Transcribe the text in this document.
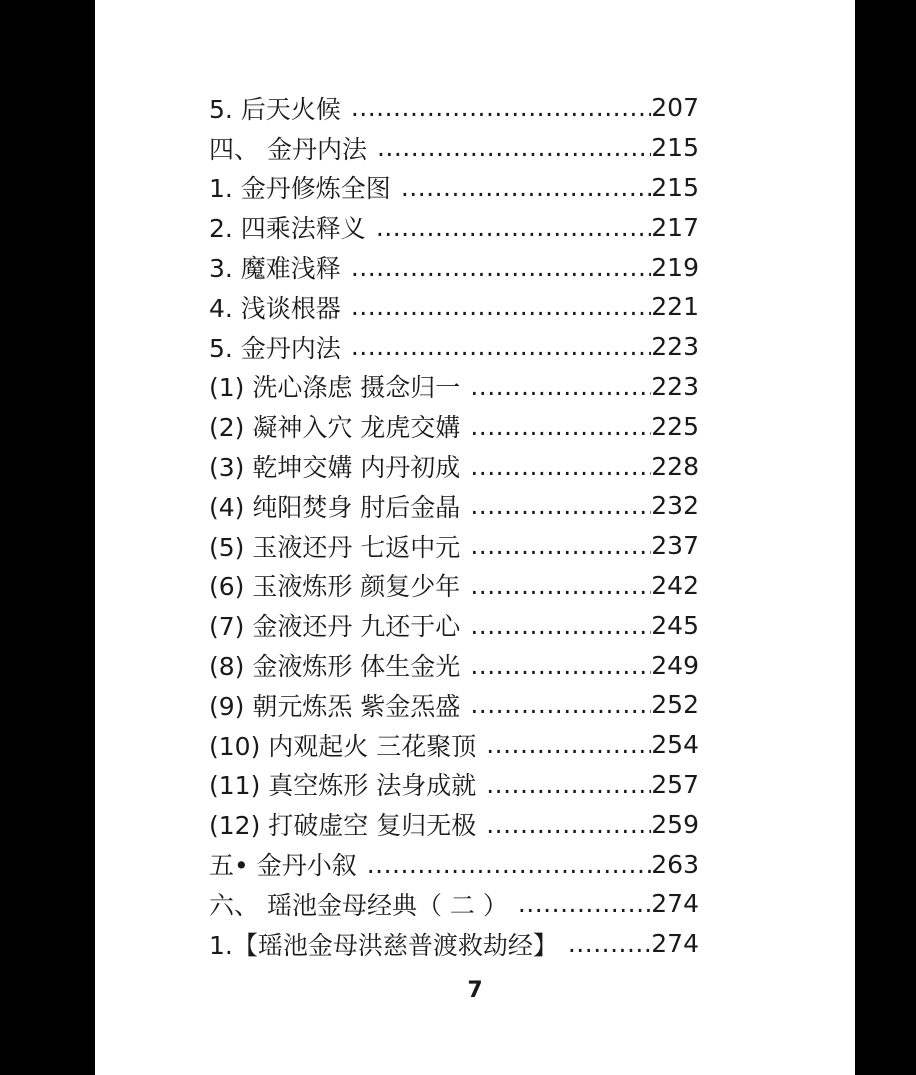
5. 后天火候 .....	207
四、 金丹内法 .....	215
1. 金丹修炼全图 .....	215
2. 四乘法释义 .....	217
3. 魔难浅释 .....	219
4. 浅谈根器 .....	221
5. 金丹内法 .....	223
(1) 洗心涤虑 摄念归一 .....	223
(2) 凝神入穴 龙虎交媾 .....	225
(3) 乾坤交媾 内丹初成 .....	228
(4) 纯阳焚身 肘后金晶 .....	232
(5) 玉液还丹 七返中元 .....	237
(6) 玉液炼形 颜复少年 .....	242
(7) 金液还丹 九还于心 .....	245
(8) 金液炼形 体生金光 .....	249
(9) 朝元炼炁 紫金炁盛 .....	252
(10) 内观起火 三花聚顶 .....	254
(11) 真空炼形 法身成就 .....	257
(12) 打破虚空 复归无极 .....	259
五• 金丹小叙 .....	263
六、 瑶池金母经典（ 二 ） .....	274
1.【瑶池金母洪慈普渡救劫经】 .....	274
7
